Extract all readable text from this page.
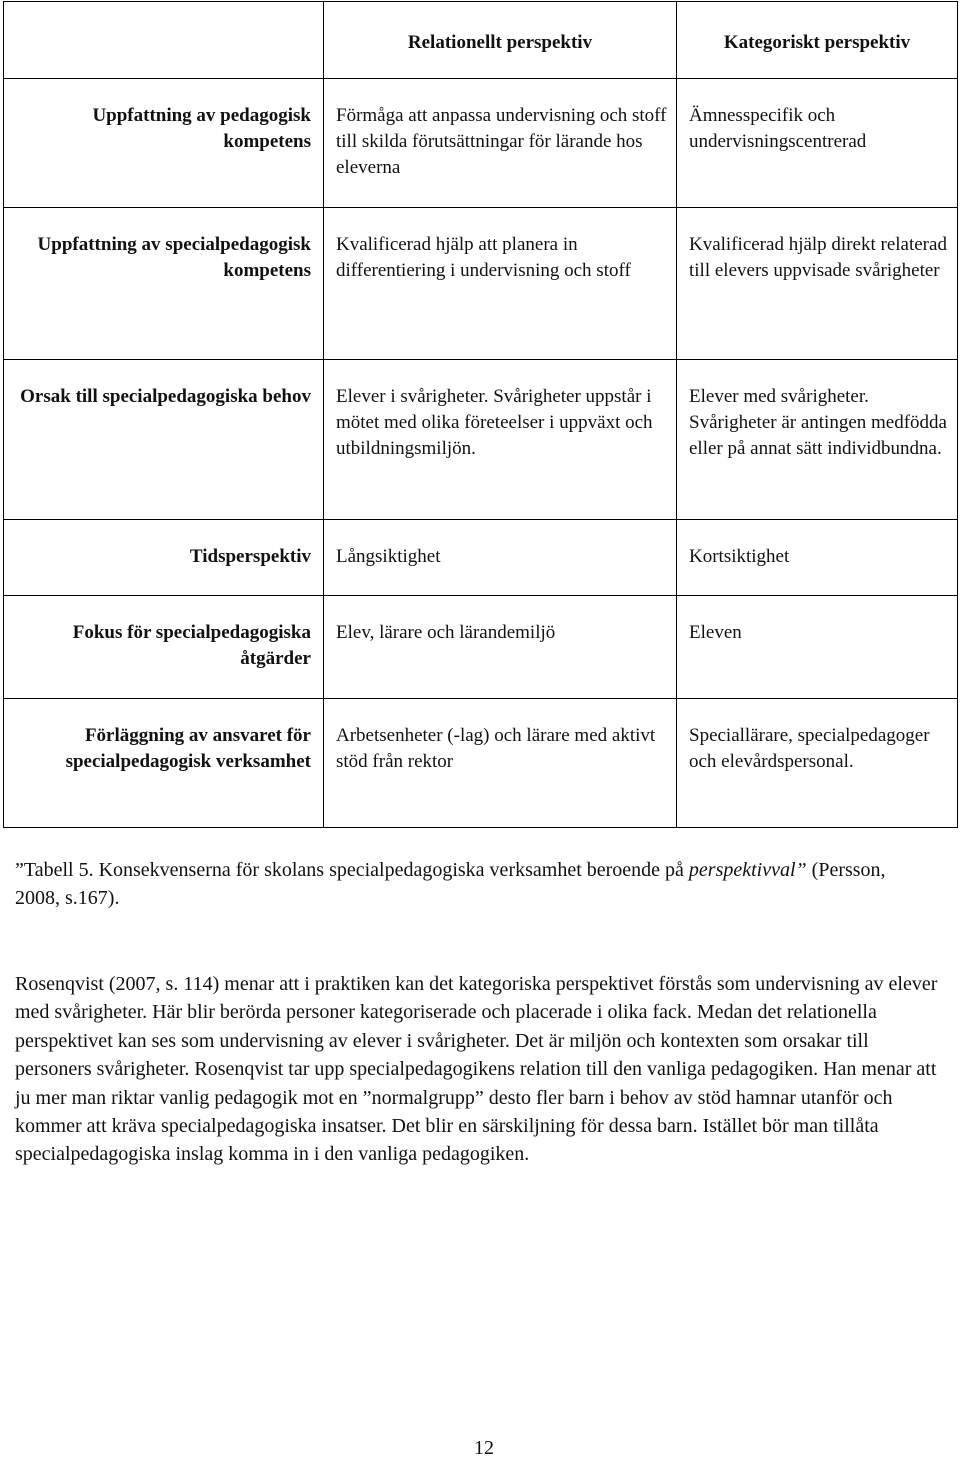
	Relationellt perspektiv	Kategoriskt perspektiv
Uppfattning av pedagogisk kompetens	Förmåga att anpassa undervisning och stoff till skilda förutsättningar för lärande hos eleverna	Ämnesspecifik och undervisningscentrerad
Uppfattning av specialpedagogisk kompetens	Kvalificerad hjälp att planera in differentiering i undervisning och stoff	Kvalificerad hjälp direkt relaterad till elevers uppvisade svårigheter
Orsak till specialpedagogiska behov	Elever i svårigheter. Svårigheter uppstår i mötet med olika företeelser i uppväxt och utbildningsmiljön.	Elever med svårigheter. Svårigheter är antingen medfödda eller på annat sätt individbundna.
Tidsperspektiv	Långsiktighet	Kortsiktighet
Fokus för specialpedagogiska åtgärder	Elev, lärare och lärandemiljö	Eleven
Förläggning av ansvaret för specialpedagogisk verksamhet	Arbetsenheter (-lag) och lärare med aktivt stöd från rektor	Speciallärare, specialpedagoger och elevårdspersonal.
”Tabell 5. Konsekvenserna för skolans specialpedagogiska verksamhet beroende på perspektivval” (Persson, 2008, s.167).

Rosenqvist (2007, s. 114) menar att i praktiken kan det kategoriska perspektivet förstås som undervisning av elever med svårigheter. Här blir berörda personer kategoriserade och placerade i olika fack. Medan det relationella perspektivet kan ses som undervisning av elever i svårigheter. Det är miljön och kontexten som orsakar till personers svårigheter. Rosenqvist tar upp specialpedagogikens relation till den vanliga pedagogiken. Han menar att ju mer man riktar vanlig pedagogik mot en ”normalgrupp” desto fler barn i behov av stöd hamnar utanför och kommer att kräva specialpedagogiska insatser. Det blir en särskiljning för dessa barn. Istället bör man tillåta specialpedagogiska inslag komma in i den vanliga pedagogiken.

12
